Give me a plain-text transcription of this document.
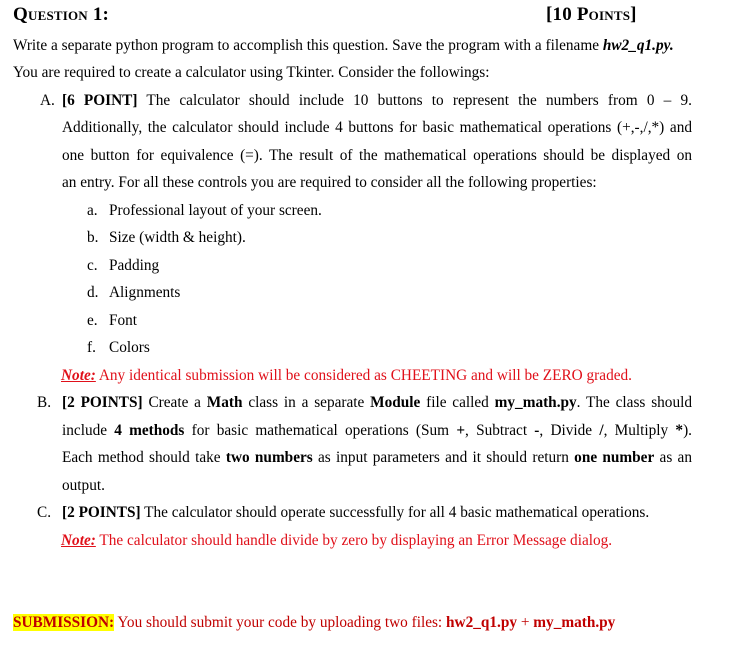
Question 1:	[10 Points]
Write a separate python program to accomplish this question. Save the program with a filename hw2_q1.py.
You are required to create a calculator using Tkinter. Consider the followings:
A. [6 POINT] The calculator should include 10 buttons to represent the numbers from 0 – 9.
Additionally, the calculator should include 4 buttons for basic mathematical operations (+,-,/,*) and
one button for equivalence (=). The result of the mathematical operations should be displayed on
an entry. For all these controls you are required to consider all the following properties:
a. Professional layout of your screen.
b. Size (width & height).
c. Padding
d. Alignments
e. Font
f. Colors
Note: Any identical submission will be considered as CHEETING and will be ZERO graded.
B. [2 POINTS] Create a Math class in a separate Module file called my_math.py. The class should
include 4 methods for basic mathematical operations (Sum +, Subtract -, Divide /, Multiply *).
Each method should take two numbers as input parameters and it should return one number as an
output.
C. [2 POINTS] The calculator should operate successfully for all 4 basic mathematical operations.
Note: The calculator should handle divide by zero by displaying an Error Message dialog.
SUBMISSION: You should submit your code by uploading two files: hw2_q1.py + my_math.py
